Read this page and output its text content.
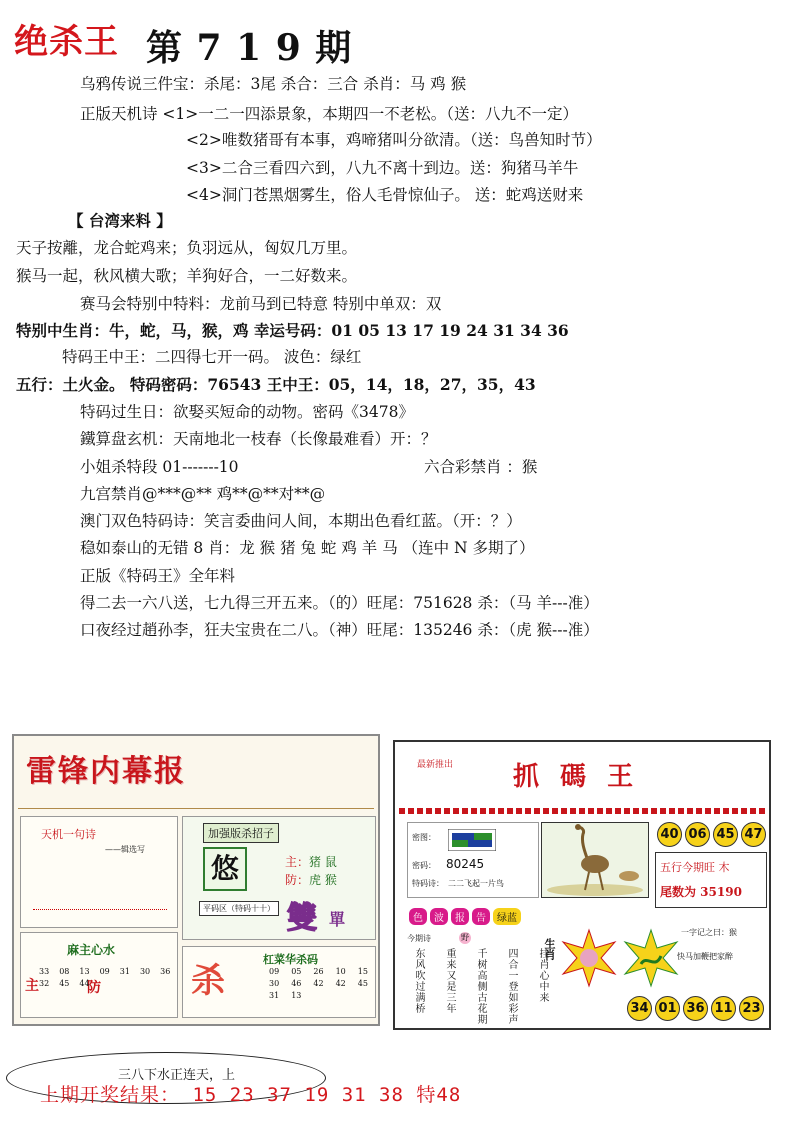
绝杀王 第 7 1 9 期
乌鸦传说三件宝：杀尾：3尾 杀合：三合 杀肖：马 鸡 猴
正版天机诗 <1>一二一四添景象，本期四一不老松。（送：八九不一定）
<2>唯数猪哥有本事，鸡啼猪叫分欲清。（送：鸟兽知时节）
<3>二合三看四六到，八九不离十到边。送：狗猪马羊牛
<4>洞门苍黑烟雾生，俗人毛骨惊仙子。 送：蛇鸡送财来
【 台湾来料 】
天子按離，龙合蛇鸡来；负羽远从，匈奴几万里。
猴马一起，秋风横大歌；羊狗好合，一二好数来。
赛马会特别中特料：龙前马到已特意 特别中单双：双
特别中生肖：牛，蛇，马，猴，鸡 幸运号码：01 05 13 17 19 24 31 34 36
特码王中王：二四得七开一码。 波色：绿红
五行：土火金。 特码密码：76543 王中王：05，14，18，27，35，43
特码过生日：欲娶买短命的动物。密码《3478》
鐵算盘玄机：天南地北一枝春（长像最难看）开：？
小姐杀特段 01-------10	六合彩禁肖 ：猴
九宫禁肖@***@** 鸡**@**对**@
澳门双色特码诗：笑言委曲问人间，本期出色看红蓝。（开：？）
稳如泰山的无错 8 肖：龙 猴 猪 兔 蛇 鸡 羊 马 （连中 N 多期了）
正版《特码王》全年料
得二去一六八送，七九得三开五来。（的）旺尾：751628 杀：（马 羊---准）
口夜经过趙孙李，狂夫宝贵在二八。（神）旺尾：135246 杀：（虎 猴---准）
雷锋内幕报
天机一句诗
——辑选写
加强版杀招子
悠	主： 猪 鼠
防： 虎 猴
平码区（特码十十） 雙 單
麻主心水
主	防
33 08 13 09 31 30 36
32 45 44	杀
杠菜华杀码
09 05 26 10 15
30 46 42 42 45
31 13
最新推出 抓 碼 王
密图：
密码： 80245
特码诗： 二二飞起一片鸟
40 06 45 47
五行今期旺 木
尾数为 35190
色	波	报	告	绿蓝
今期诗	野
东风吹过满桥 重来又是三年 千树高侧古花期 四合一登如彩声 挂肖心中来
生肖
一字记之曰：猴
快马加鞭把家醉
34 01 36 11 23
三八下水正连天，上
上期开奖结果： 15 23 37 19 31 38 特48
